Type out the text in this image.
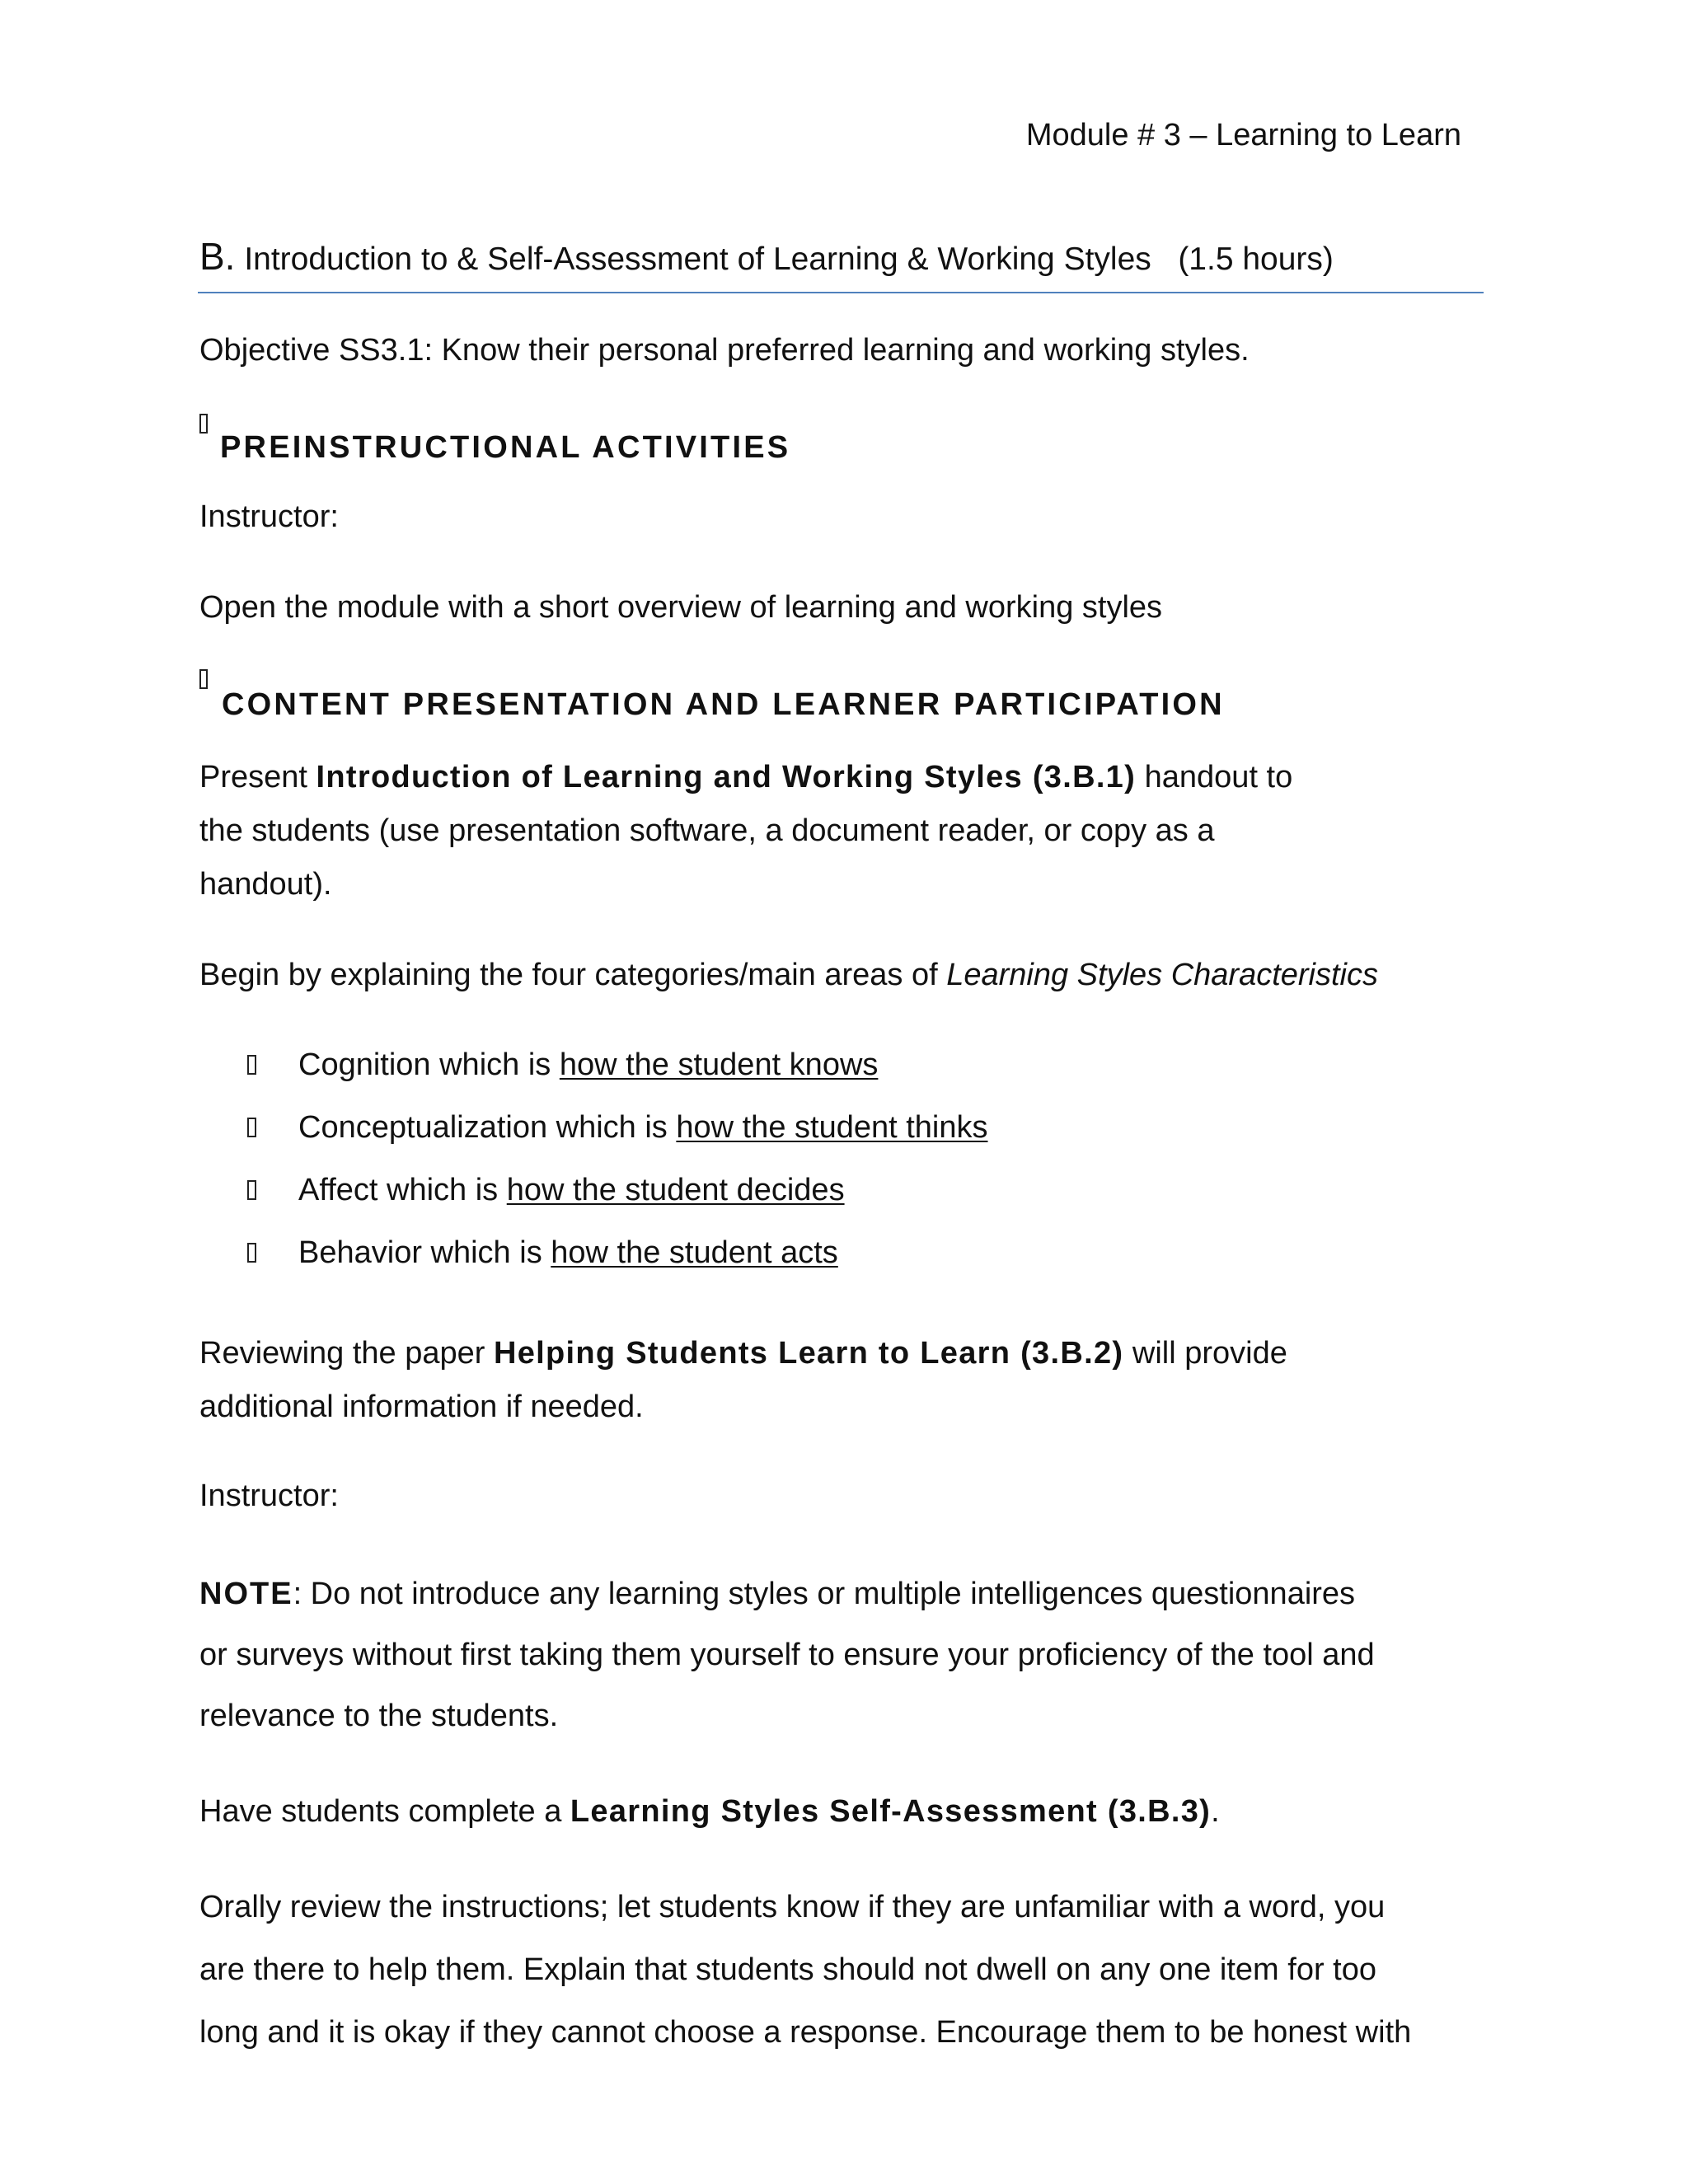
Module # 3 – Learning to Learn
B. Introduction to & Self-Assessment of Learning & Working Styles (1.5 hours)
Objective SS3.1: Know their personal preferred learning and working styles.
PREINSTRUCTIONAL ACTIVITIES
Instructor:
Open the module with a short overview of learning and working styles
CONTENT PRESENTATION AND LEARNER PARTICIPATION
Present Introduction of Learning and Working Styles (3.B.1) handout to
the students (use presentation software, a document reader, or copy as a
handout).
Begin by explaining the four categories/main areas of Learning Styles Characteristics
Cognition which is how the student knows
Conceptualization which is how the student thinks
Affect which is how the student decides
Behavior which is how the student acts
Reviewing the paper Helping Students Learn to Learn (3.B.2) will provide
additional information if needed.
Instructor:
NOTE: Do not introduce any learning styles or multiple intelligences questionnaires
or surveys without first taking them yourself to ensure your proficiency of the tool and
relevance to the students.
Have students complete a Learning Styles Self-Assessment (3.B.3).
Orally review the instructions; let students know if they are unfamiliar with a word, you
are there to help them. Explain that students should not dwell on any one item for too
long and it is okay if they cannot choose a response. Encourage them to be honest with
